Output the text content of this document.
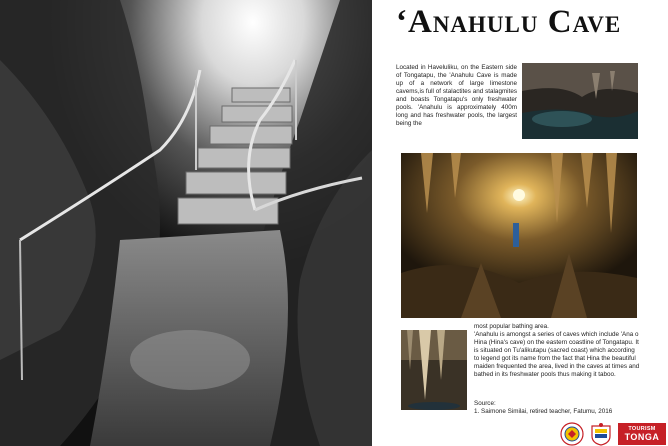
‘Anahulu Cave
Located in Haveluliku, on the Eastern side of Tongatapu, the 'Anahulu Cave is made up of a network of large limestone cavems,is full of stalactites and stalagmites and boasts Tongatapu's only freshwater pools. 'Anahulu is approximately 400m long and has freshwater pools, the largest being the

most popular bathing area.

'Anahulu is amongst a series of caves which include 'Ana o Hina (Hina's cave) on the eastern coastline of Tongatapu. It is situated on Tu'alikutapu (sacred coast) which according to legend got its name from the fact that Hina the beautiful maiden frequented the area, lived in the caves at times and bathed in its freshwater pools thus making it taboo.

Source:
1. Saimone Similai, retired teacher, Fatumu, 2016
TOURISM
TONGA
